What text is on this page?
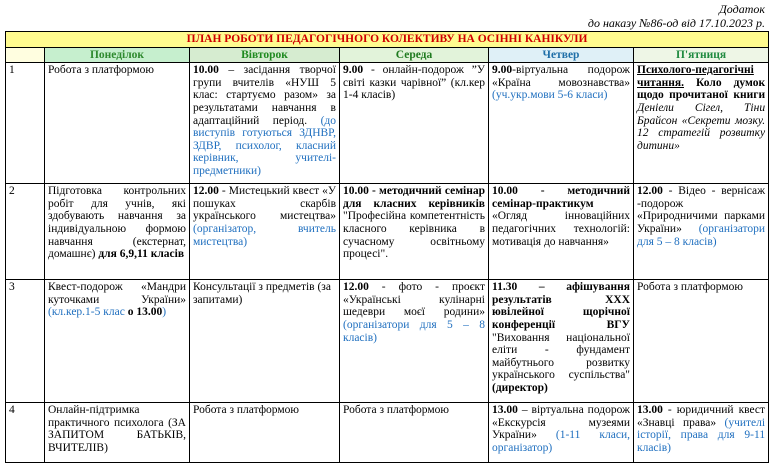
Додаток
до наказу №86-од від 17.10.2023 р.
ПЛАН РОБОТИ ПЕДАГОГІЧНОГО КОЛЕКТИВУ НА ОСІННІ КАНІКУЛИ					
	Понеділок	Вівторок	Середа	Четвер	П'ятниця
1	Робота з платформою	10.00 – засідання творчої групи вчителів «НУШ 5 клас: стартуємо разом» за результатами навчання в адаптаційний період. (до виступів готуються ЗДНВР, ЗДВР, психолог, класний керівник, учителі-предметники)	9.00 - онлайн-подорож ”У світі казки чарівної” (кл.кер 1-4 класів)	9.00-віртуальна подорож «Країна мовознавства» (уч.укр.мови 5-6 класи)	Психолого-педагогічні читання. Коло думок щодо прочитаної книги Деніели Сігел, Тіни Брайсон «Секрети мозку. 12 стратегій розвитку дитини»
2	Підготовка контрольних робіт для учнів, які здобувають навчання за індивідуальною формою навчання (екстернат, домашнє) для 6,9,11 класів	12.00 - Мистецький квест «У пошуках скарбів українського мистецтва» (організатор, вчитель мистецтва)	10.00 - методичний семінар для класних керівників "Професійна компетентність класного керівника в сучасному освітньому процесі".	10.00 - методичний семінар-практикум «Огляд інноваційних педагогічних технологій: мотивація до навчання»	12.00 - Відео - вернісаж -подорож «Природничими парками України» (організатори для 5 – 8 класів)
3	Квест-подорож «Мандри куточками України» (кл.кер.1-5 клас о 13.00)	Консультації з предметів (за запитами)	12.00 - фото - проєкт «Українські кулінарні шедеври моєї родини» (організатори для 5 – 8 класів)	11.30 – афішування результатів ХХХ ювілейної щорічної конференції ВГУ "Виховання національної еліти - фундамент майбутнього розвитку українського суспільства" (директор)	Робота з платформою
4	Онлайн-підтримка практичного психолога (ЗА ЗАПИТОМ БАТЬКІВ, ВЧИТЕЛІВ)	Робота з платформою	Робота з платформою	13.00 – віртуальна подорож «Екскурсія музеями України» (1-11 класи, організатор)	13.00 - юридичний квест «Знавці права» (учителі історії, права для 9-11 класів)
